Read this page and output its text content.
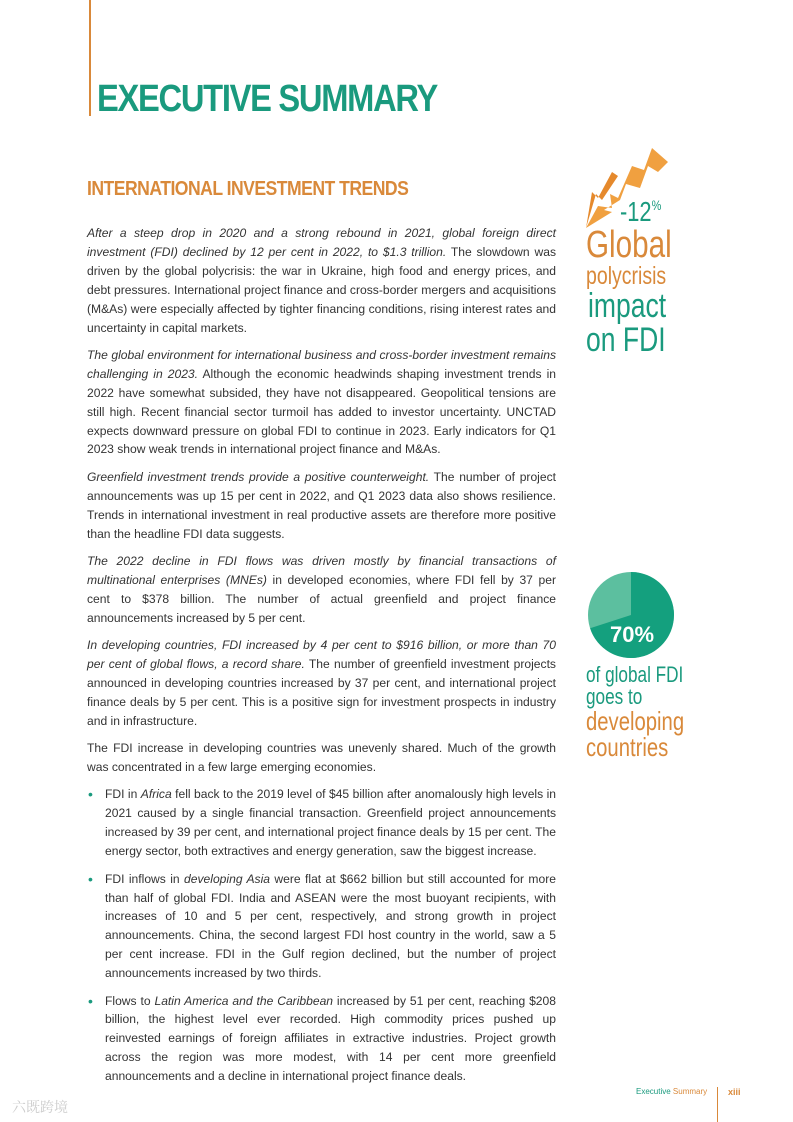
EXECUTIVE SUMMARY
INTERNATIONAL INVESTMENT TRENDS

After a steep drop in 2020 and a strong rebound in 2021, global foreign direct investment (FDI) declined by 12 per cent in 2022, to $1.3 trillion. The slowdown was driven by the global polycrisis: the war in Ukraine, high food and energy prices, and debt pressures. International project finance and cross-border mergers and acquisitions (M&As) were especially affected by tighter financing conditions, rising interest rates and uncertainty in capital markets.

The global environment for international business and cross-border investment remains challenging in 2023. Although the economic headwinds shaping investment trends in 2022 have somewhat subsided, they have not disappeared. Geopolitical tensions are still high. Recent financial sector turmoil has added to investor uncertainty. UNCTAD expects downward pressure on global FDI to continue in 2023. Early indicators for Q1 2023 show weak trends in international project finance and M&As.

Greenfield investment trends provide a positive counterweight. The number of project announcements was up 15 per cent in 2022, and Q1 2023 data also shows resilience. Trends in international investment in real productive assets are therefore more positive than the headline FDI data suggests.

The 2022 decline in FDI flows was driven mostly by financial transactions of multinational enterprises (MNEs) in developed economies, where FDI fell by 37 per cent to $378 billion. The number of actual greenfield and project finance announcements increased by 5 per cent.

In developing countries, FDI increased by 4 per cent to $916 billion, or more than 70 per cent of global flows, a record share. The number of greenfield investment projects announced in developing countries increased by 37 per cent, and international project finance deals by 5 per cent. This is a positive sign for investment prospects in industry and in infrastructure.

The FDI increase in developing countries was unevenly shared. Much of the growth was concentrated in a few large emerging economies.

• FDI in Africa fell back to the 2019 level of $45 billion after anomalously high levels in 2021 caused by a single financial transaction. Greenfield project announcements increased by 39 per cent, and international project finance deals by 15 per cent. The energy sector, both extractives and energy generation, saw the biggest increase.
• FDI inflows in developing Asia were flat at $662 billion but still accounted for more than half of global FDI. India and ASEAN were the most buoyant recipients, with increases of 10 and 5 per cent, respectively, and strong growth in project announcements. China, the second largest FDI host country in the world, saw a 5 per cent increase. FDI in the Gulf region declined, but the number of project announcements increased by two thirds.
• Flows to Latin America and the Caribbean increased by 51 per cent, reaching $208 billion, the highest level ever recorded. High commodity prices pushed up reinvested earnings of foreign affiliates in extractive industries. Project growth across the region was more modest, with 14 per cent more greenfield announcements and a decline in international project finance deals.
-12%
Global
polycrisis
impact
on FDI
70%
of global FDI
goes to
developing
countries
Executive Summary xiii
六既跨境
